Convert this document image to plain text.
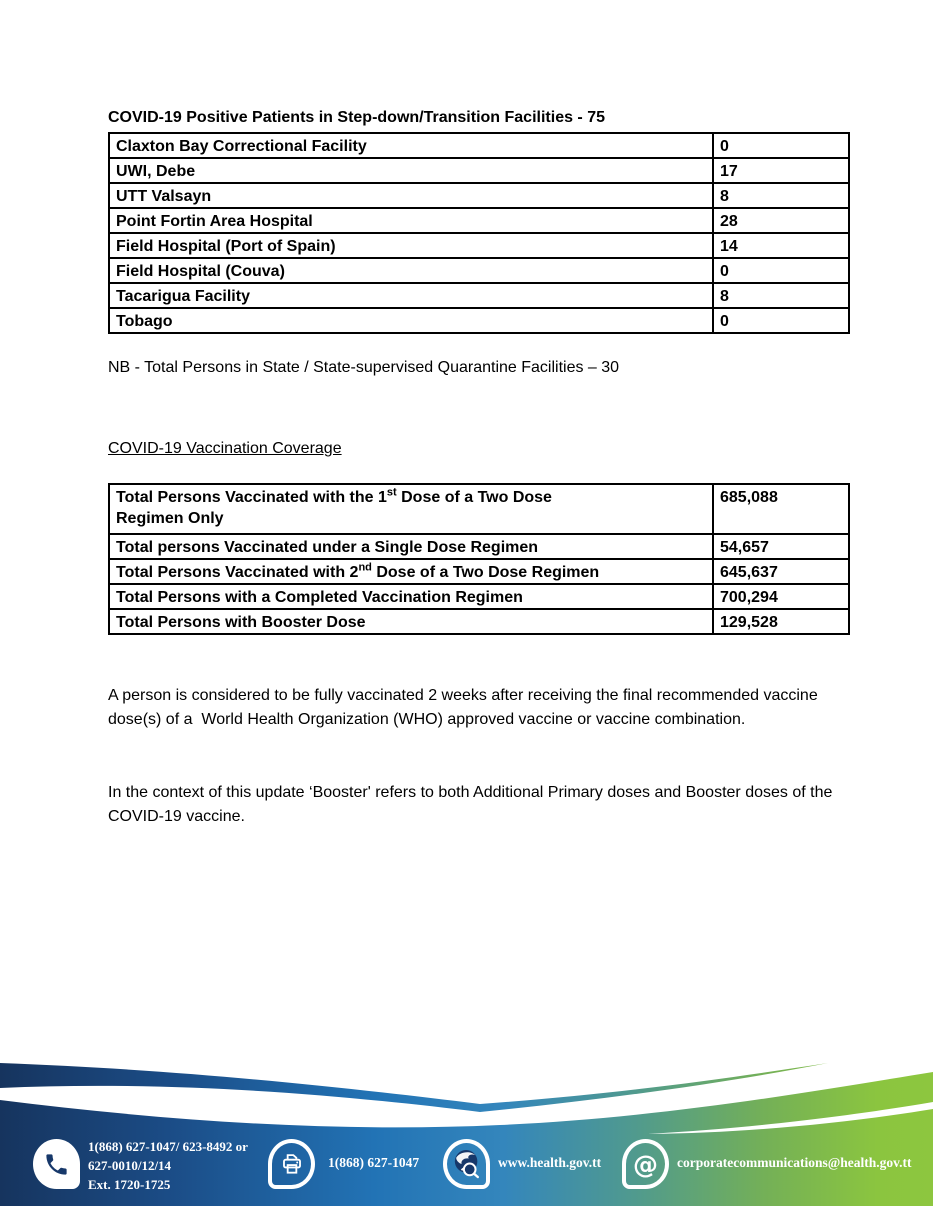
COVID-19 Positive Patients in Step-down/Transition Facilities - 75
Claxton Bay Correctional Facility	0
UWI, Debe	17
UTT Valsayn	8
Point Fortin Area Hospital	28
Field Hospital (Port of Spain)	14
Field Hospital (Couva)	0
Tacarigua Facility	8
Tobago	0
NB - Total Persons in State / State-supervised Quarantine Facilities – 30
COVID-19 Vaccination Coverage
Total Persons Vaccinated with the 1st Dose of a Two Dose
Regimen Only	685,088
Total persons Vaccinated under a Single Dose Regimen	54,657
Total Persons Vaccinated with 2nd Dose of a Two Dose Regimen	645,637
Total Persons with a Completed Vaccination Regimen	700,294
Total Persons with Booster Dose	129,528

A person is considered to be fully vaccinated 2 weeks after receiving the final recommended vaccine dose(s) of a  World Health Organization (WHO) approved vaccine or vaccine combination.

In the context of this update ‘Booster' refers to both Additional Primary doses and Booster doses of the COVID-19 vaccine.

1(868) 627-1047/ 623-8492 or
627-0010/12/14
Ext. 1720-1725
1(868) 627-1047	www.health.gov.tt @ corporatecommunications@health.gov.tt
